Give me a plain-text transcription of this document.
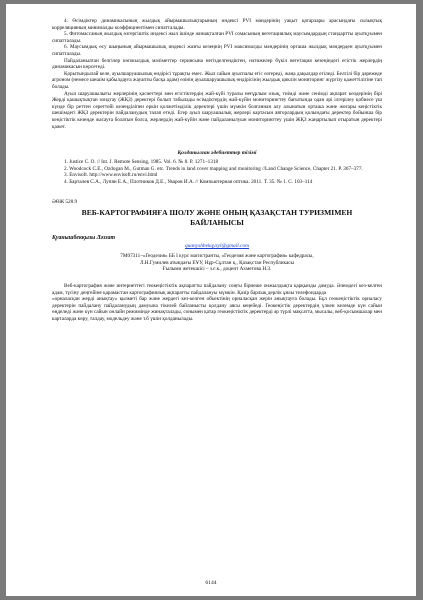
4. Өсімдіктер динамикасының жылдық айырмашылықтарының индексі PVI мәндерінің уақыт қатарлары арасындағы сызықтық корреляцияның минималды коэффициентімен сипатталады.

5. Фитомассаның жылдық өзгергіштік индексі жыл ішінде жинақталған PVI сомасының вегетациялық маусымдардың стандартты ауытқуымен сипатталады.

6. Маусымдық өсу шыңының айырмашылық индексі жазғы кезеңнің PVI максималды мәндерінің орташа жылдық мәндерден ауытқуымен сипатталады.

Пайдаланылған белгілер көпжылдық мәліметтер сериясына негізделгендіктен, нәтижелер бүкіл вегетация кезеңіндегі егістік жерлердің динамикасын көрсетеді.

Қорытындылай келе, ауылшаруашылық өндірісі тұрақты емес. Жыл сайын ауыспалы егіс өзгереді, жаңа дақылдар егіледі. Белгілі бір дәрежеде агроном (немесе шешім қабылдауға жауапты басқа адам) өзінің ауылшаруашылық өндірісінің жылдық циклін мониторинг жүргізу қажеттілігіне тап болады.

Ауыл шаруашылығы жерлерінің қасиеттері мен егістіктердің жай-күйі туралы неғұрлым озық, тиімді және сенімді ақпарат көздерінің бірі Жерді қашықтықтан зондтау (ЖҚЗ) деректері болып табылады өсімдіктердің жай-күйін мониторингтеу бағытында одан әрі ілгерілеу қобиесе үш күнде бір реттен сереттейі кезеңділіпен еркін қолжетімділік деректері үшін мүмкін болғаннан алу алынатын орташа және жоғары кеңістіктік шешімдегі ЖҚЗ деректерін пайдаланудың талап етеді. Егер ауыл шаруашылық жерлері картасын авторлардың қолындағы деректер бойынша бір кеңістіктік кезеңде жасауға болатын болса, жерлердің жай-күйін және пайдаланылуын мониторингтеу үшін ЖҚЗ жаңартылып отыратын деректері қажет.

Қолданылған әдебиеттер тізімі
1. Justice C. O. // Int. J. Remote Sensing, 1985. Vol. 6. № 8. P. 1271–1318
2. Woodcock C.E., Ozdogan M., Gutman G. etc. Trends in land cover mapping and monitoring //Land Change Science, Chapter 21. P. 367–377.
3. Envisoft. http://www.envisoft.ru/envi.html
4. Барталев С.А., Лупян Е.А., Плотников Д.Е., Уваров И.А. // Компьютерная оптика. 2011. Т. 35. № 1. С. 103–114
ӘӨЖ 528.9
ВЕБ-КАРТОГРАФИЯҒА ШОЛУ ЖӘНЕ ОНЫҢ ҚАЗАҚСТАН ТУРИЗМІМЕН
БАЙЛАНЫСЫ
Қуанышбекқызы Ләззат
quanyshbekqyzyl@gmail.com
7М07311–«Геодезия» ББ І курс магистранты, «Геодезия және картография» кафедрасы,
Л.Н.Гумилев атындағы ЕҰУ, Нұр-Сұлтан қ., Қазақстан Республикасы
Ғылыми жетекшісі – з.ғ.к., доцент Ахметова Н.З.

Веб-картография және интернеттегі геокеңістіктік ақпаратты пайдалану соңғы бірнеше онжылдықта қарқынды дамуда. Әлемдегі кез-келген адам, түсіну деңгейіне қарамастан картографиялық ақпаратты пайдалануы мүмкін. Қазір барлық дерлік ұялы телефондарда

«орналасқан жерді анықтау» қызметі бар және жердегі кез-келген объектінің орналасқан жерін анықтауға болады. Бұл геокеңістіктік орналасу деректерін пайдалану пайдаланудың дамуына тікелей байланысты қолдану аясы кеңейеді. Геокеңістік деректердің үлкен келемде күн сайын өңделеді және күн сайын онлайн режимінде жинақталады, сонымен қатар геокеңістіктік деректерді әр түрлі мақсатта, мысалы, веб-қосымшалар мен карталарда көру, талдау, модельдеу және т.б үшін қолданылады.

6144
